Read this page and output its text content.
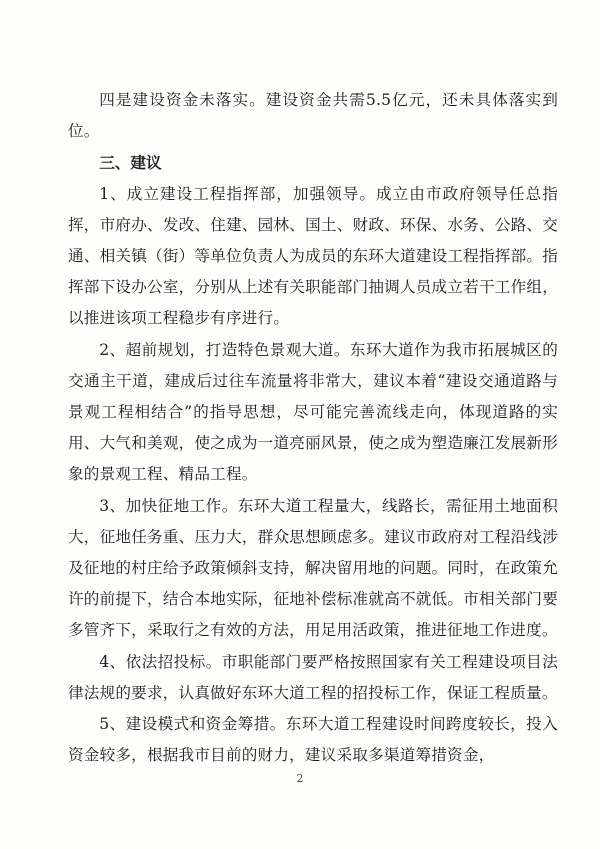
四是建设资金未落实。建设资金共需5.5亿元，还未具体落实到位。

三、建议

1、成立建设工程指挥部，加强领导。成立由市政府领导任总指挥，市府办、发改、住建、园林、国土、财政、环保、水务、公路、交通、相关镇（街）等单位负责人为成员的东环大道建设工程指挥部。指挥部下设办公室，分别从上述有关职能部门抽调人员成立若干工作组，以推进该项工程稳步有序进行。

2、超前规划，打造特色景观大道。东环大道作为我市拓展城区的交通主干道，建成后过往车流量将非常大，建议本着“建设交通道路与景观工程相结合”的指导思想，尽可能完善流线走向，体现道路的实用、大气和美观，使之成为一道亮丽风景，使之成为塑造廉江发展新形象的景观工程、精品工程。

3、加快征地工作。东环大道工程量大，线路长，需征用土地面积大，征地任务重、压力大，群众思想顾虑多。建议市政府对工程沿线涉及征地的村庄给予政策倾斜支持，解决留用地的问题。同时，在政策允许的前提下，结合本地实际，征地补偿标准就高不就低。市相关部门要多管齐下，采取行之有效的方法，用足用活政策，推进征地工作进度。

4、依法招投标。市职能部门要严格按照国家有关工程建设项目法律法规的要求，认真做好东环大道工程的招投标工作，保证工程质量。

5、建设模式和资金筹措。东环大道工程建设时间跨度较长，投入资金较多，根据我市目前的财力，建议采取多渠道筹措资金，

2
